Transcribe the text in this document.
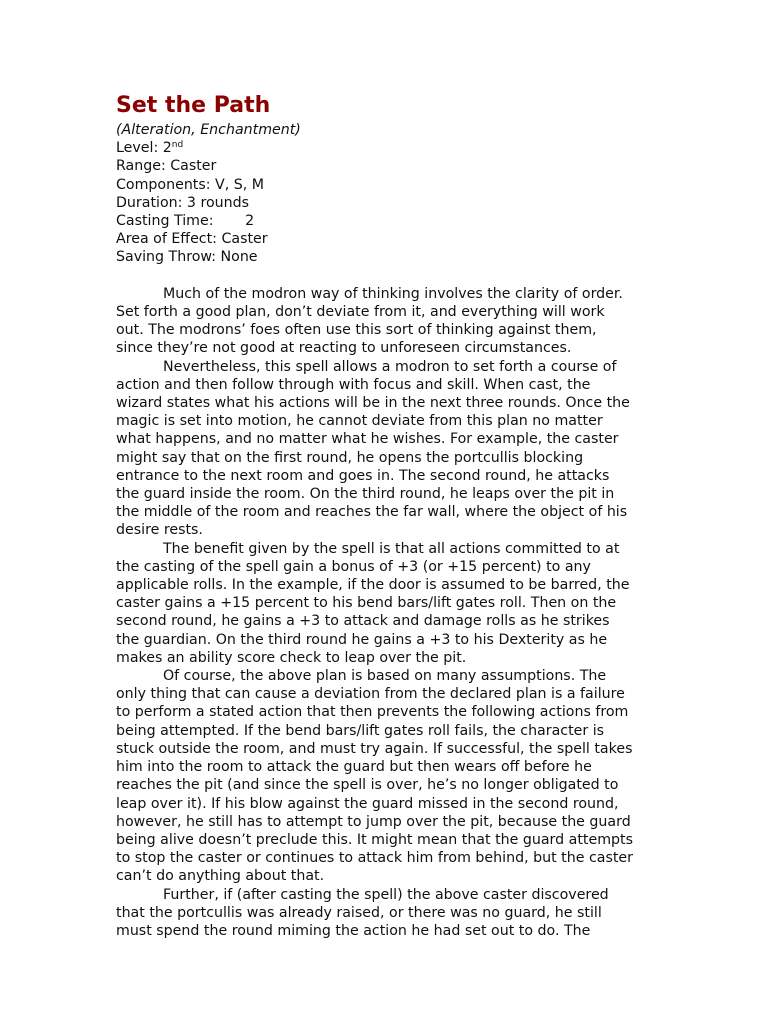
Set the Path

(Alteration, Enchantment)

Level: 2nd

Range: Caster

Components: V, S, M

Duration: 3 rounds

Casting Time:       2

Area of Effect: Caster

Saving Throw: None

Much of the modron way of thinking involves the clarity of order. Set forth a good plan, don’t deviate from it, and everything will work out. The modrons’ foes often use this sort of thinking against them, since they’re not good at reacting to unforeseen circumstances.

Nevertheless, this spell allows a modron to set forth a course of action and then follow through with focus and skill. When cast, the wizard states what his actions will be in the next three rounds. Once the magic is set into motion, he cannot deviate from this plan no matter what happens, and no matter what he wishes. For example, the caster might say that on the first round, he opens the portcullis blocking entrance to the next room and goes in. The second round, he attacks the guard inside the room. On the third round, he leaps over the pit in the middle of the room and reaches the far wall, where the object of his desire rests.

The benefit given by the spell is that all actions committed to at the casting of the spell gain a bonus of +3 (or +15 percent) to any applicable rolls. In the example, if the door is assumed to be barred, the caster gains a +15 percent to his bend bars/lift gates roll. Then on the second round, he gains a +3 to attack and damage rolls as he strikes the guardian. On the third round he gains a +3 to his Dexterity as he makes an ability score check to leap over the pit.

Of course, the above plan is based on many assumptions. The only thing that can cause a deviation from the declared plan is a failure to perform a stated action that then prevents the following actions from being attempted. If the bend bars/lift gates roll fails, the character is stuck outside the room, and must try again. If successful, the spell takes him into the room to attack the guard but then wears off before he reaches the pit (and since the spell is over, he’s no longer obligated to leap over it). If his blow against the guard missed in the second round, however, he still has to attempt to jump over the pit, because the guard being alive doesn’t preclude this. It might mean that the guard attempts to stop the caster or continues to attack him from behind, but the caster can’t do anything about that.

Further, if (after casting the spell) the above caster discovered that the portcullis was already raised, or there was no guard, he still must spend the round miming the action he had set out to do. The
